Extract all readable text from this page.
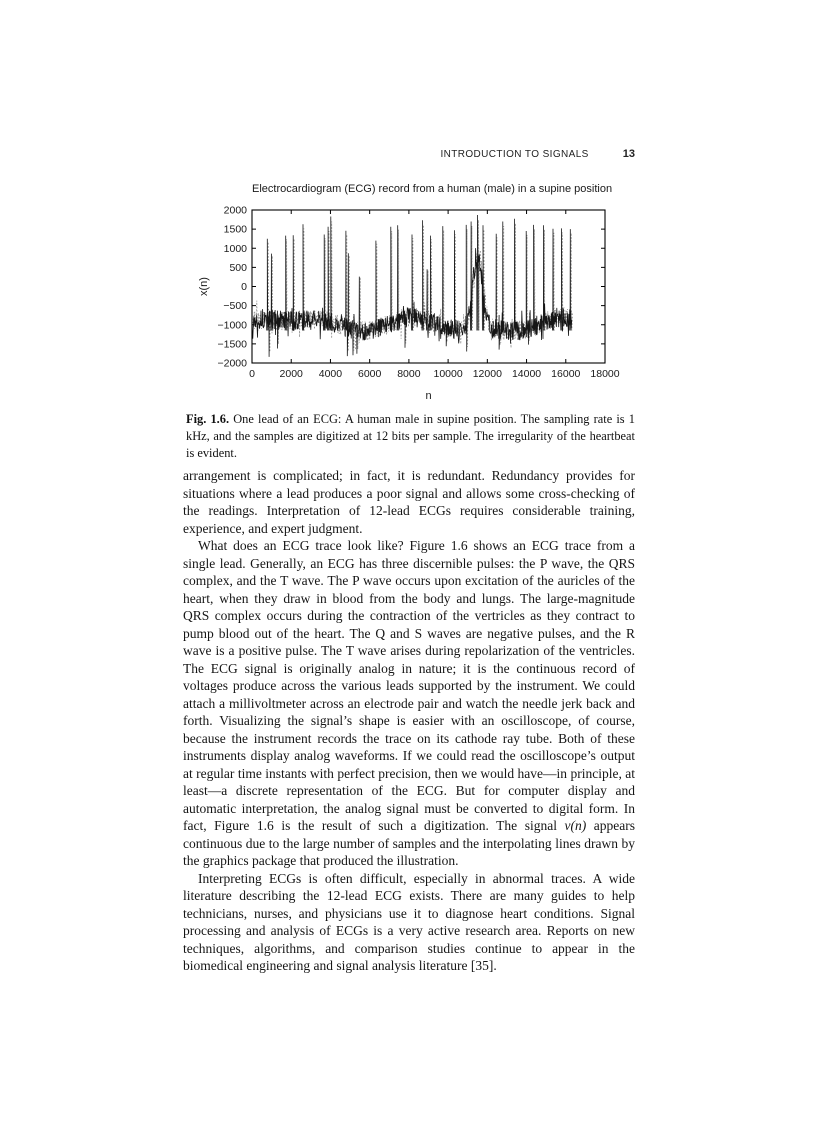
INTRODUCTION TO SIGNALS	13
Electrocardiogram (ECG) record from a human (male) in a supine position
0 2000 4000 6000 8000 10000 12000 14000 16000 18000
−2000
−1500
−1000
−500
0
500
1000
1500
2000
n
x(n)
Fig. 1.6. One lead of an ECG: A human male in supine position. The sampling rate is 1 kHz, and the samples are digitized at 12 bits per sample. The irregularity of the heartbeat is evident.

arrangement is complicated; in fact, it is redundant. Redundancy provides for situations where a lead produces a poor signal and allows some cross-checking of the readings. Interpretation of 12-lead ECGs requires considerable training, experience, and expert judgment.

What does an ECG trace look like? Figure 1.6 shows an ECG trace from a single lead. Generally, an ECG has three discernible pulses: the P wave, the QRS complex, and the T wave. The P wave occurs upon excitation of the auricles of the heart, when they draw in blood from the body and lungs. The large-magnitude QRS complex occurs during the contraction of the vertricles as they contract to pump blood out of the heart. The Q and S waves are negative pulses, and the R wave is a positive pulse. The T wave arises during repolarization of the ventricles. The ECG signal is originally analog in nature; it is the continuous record of voltages produce across the various leads supported by the instrument. We could attach a millivoltmeter across an electrode pair and watch the needle jerk back and forth. Visualizing the signal’s shape is easier with an oscilloscope, of course, because the instrument records the trace on its cathode ray tube. Both of these instruments display analog waveforms. If we could read the oscilloscope’s output at regular time instants with perfect precision, then we would have—in principle, at least—a discrete representation of the ECG. But for computer display and automatic interpretation, the analog signal must be converted to digital form. In fact, Figure 1.6 is the result of such a digitization. The signal v(n) appears continuous due to the large number of samples and the interpolating lines drawn by the graphics package that produced the illustration.

Interpreting ECGs is often difficult, especially in abnormal traces. A wide literature describing the 12-lead ECG exists. There are many guides to help technicians, nurses, and physicians use it to diagnose heart conditions. Signal processing and analysis of ECGs is a very active research area. Reports on new techniques, algorithms, and comparison studies continue to appear in the biomedical engineering and signal analysis literature [35].
